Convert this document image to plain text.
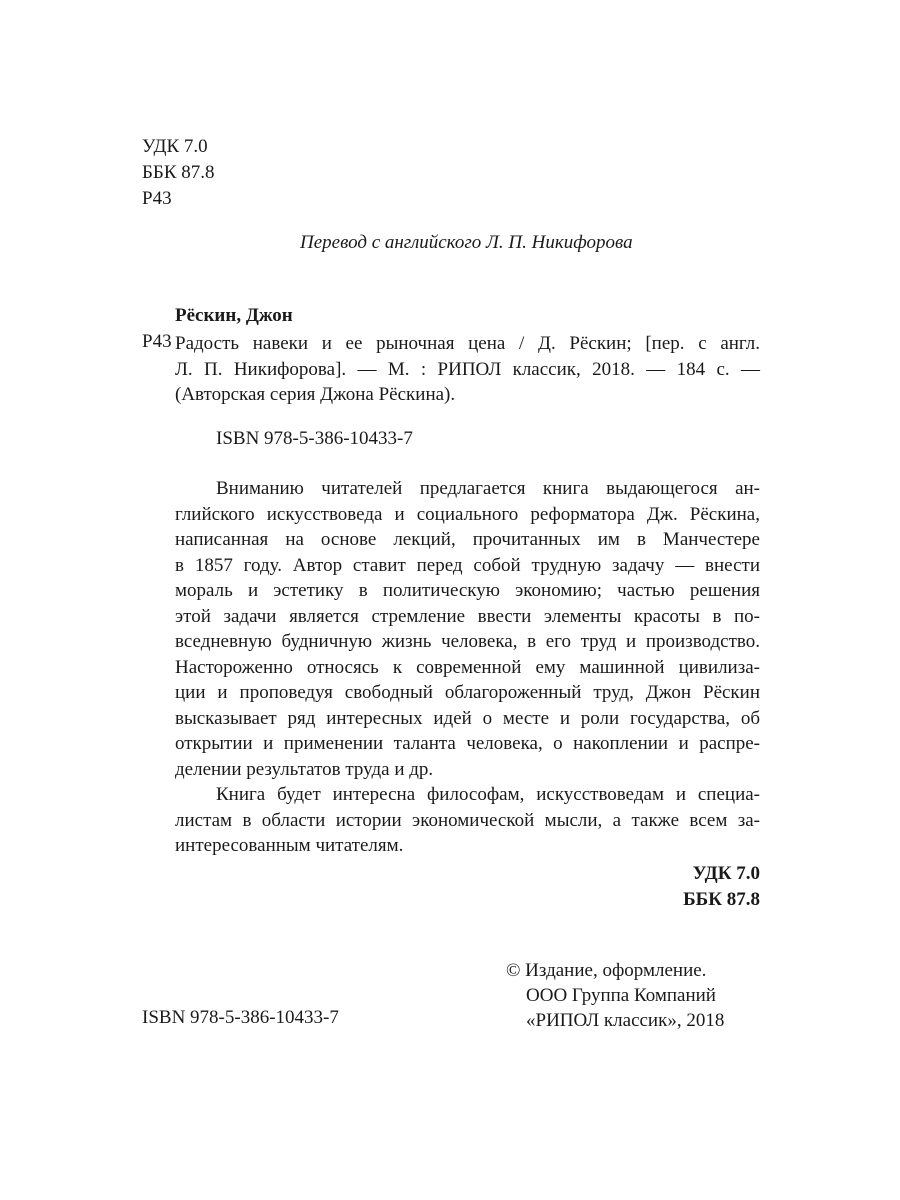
УДК 7.0
ББК 87.8
Р43
Перевод с английского Л. П. Никифорова
Рёскин, Джон
Р43 Радость навеки и ее рыночная цена / Д. Рёскин; [пер. с англ.
Л. П. Никифорова]. — М. : РИПОЛ классик, 2018. — 184 с. —
(Авторская серия Джона Рёскина).
ISBN 978-5-386-10433-7
Вниманию читателей предлагается книга выдающегося ан-
глийского искусствоведа и социального реформатора Дж. Рёскина,
написанная на основе лекций, прочитанных им в Манчестере
в 1857 году. Автор ставит перед собой трудную задачу — внести
мораль и эстетику в политическую экономию; частью решения
этой задачи является стремление ввести элементы красоты в по-
вседневную будничную жизнь человека, в его труд и производство.
Настороженно относясь к современной ему машинной цивилиза-
ции и проповедуя свободный облагороженный труд, Джон Рёскин
высказывает ряд интересных идей о месте и роли государства, об
открытии и применении таланта человека, о накоплении и распре-
делении результатов труда и др.
Книга будет интересна философам, искусствоведам и специа-
листам в области истории экономической мысли, а также всем за-
интересованным читателям.
УДК 7.0
ББК 87.8
© Издание, оформление.
ООО Группа Компаний
«РИПОЛ классик», 2018
ISBN 978-5-386-10433-7
